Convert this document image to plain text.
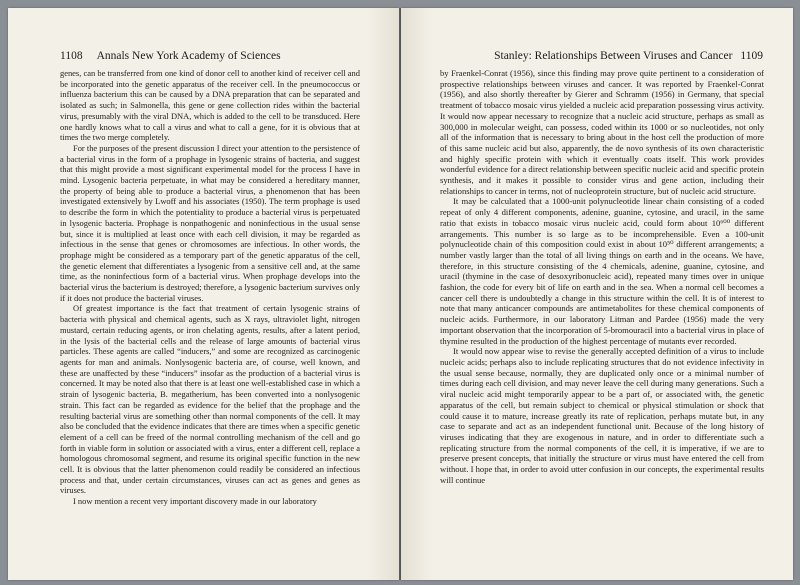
1108 Annals New York Academy of Sciences

genes, can be transferred from one kind of donor cell to another kind of receiver cell and be incorporated into the genetic apparatus of the receiver cell. In the pneumococcus or influenza bacterium this can be caused by a DNA preparation that can be separated and isolated as such; in Salmonella, this gene or gene collection rides within the bacterial virus, presumably with the viral DNA, which is added to the cell to be transduced. Here one hardly knows what to call a virus and what to call a gene, for it is obvious that at times the two merge completely.

For the purposes of the present discussion I direct your attention to the persistence of a bacterial virus in the form of a prophage in lysogenic strains of bacteria, and suggest that this might provide a most significant experimental model for the process I have in mind. Lysogenic bacteria perpetuate, in what may be considered a hereditary manner, the property of being able to produce a bacterial virus, a phenomenon that has been investigated extensively by Lwoff and his associates (1950). The term prophage is used to describe the form in which the potentiality to produce a bacterial virus is perpetuated in lysogenic bacteria. Prophage is nonpathogenic and noninfectious in the usual sense but, since it is multiplied at least once with each cell division, it may be regarded as infectious in the sense that genes or chromosomes are infectious. In other words, the prophage might be considered as a temporary part of the genetic apparatus of the cell, the genetic element that differentiates a lysogenic from a sensitive cell and, at the same time, as the noninfectious form of a bacterial virus. When prophage develops into the bacterial virus the bacterium is destroyed; therefore, a lysogenic bacterium survives only if it does not produce the bacterial viruses.

Of greatest importance is the fact that treatment of certain lysogenic strains of bacteria with physical and chemical agents, such as X rays, ultraviolet light, nitrogen mustard, certain reducing agents, or iron chelating agents, results, after a latent period, in the lysis of the bacterial cells and the release of large amounts of bacterial virus particles. These agents are called “inducers,” and some are recognized as carcinogenic agents for man and animals. Nonlysogenic bacteria are, of course, well known, and these are unaffected by these “inducers” insofar as the production of a bacterial virus is concerned. It may be noted also that there is at least one well-established case in which a strain of lysogenic bacteria, B. megatherium, has been converted into a nonlysogenic strain. This fact can be regarded as evidence for the belief that the prophage and the resulting bacterial virus are something other than normal components of the cell. It may also be concluded that the evidence indicates that there are times when a specific genetic element of a cell can be freed of the normal controlling mechanism of the cell and go forth in viable form in solution or associated with a virus, enter a different cell, replace a homologous chromosomal segment, and resume its original specific function in the new cell. It is obvious that the latter phenomenon could readily be considered an infectious process and that, under certain circumstances, viruses can act as genes and genes as viruses.

I now mention a recent very important discovery made in our laboratory

Stanley: Relationships Between Viruses and Cancer 1109

by Fraenkel-Conrat (1956), since this finding may prove quite pertinent to a consideration of prospective relationships between viruses and cancer. It was reported by Fraenkel-Conrat (1956), and also shortly thereafter by Gierer and Schramm (1956) in Germany, that special treatment of tobacco mosaic virus yielded a nucleic acid preparation possessing virus activity. It would now appear necessary to recognize that a nucleic acid structure, perhaps as small as 300,000 in molecular weight, can possess, coded within its 1000 or so nucleotides, not only all of the information that is necessary to bring about in the host cell the production of more of this same nucleic acid but also, apparently, the de novo synthesis of its own characteristic and highly specific protein with which it eventually coats itself. This work provides wonderful evidence for a direct relationship between specific nucleic acid and specific protein synthesis, and it makes it possible to consider virus and gene action, including their relationships to cancer in terms, not of nucleoprotein structure, but of nucleic acid structure.

It may be calculated that a 1000-unit polynucleotide linear chain consisting of a coded repeat of only 4 different components, adenine, guanine, cytosine, and uracil, in the same ratio that exists in tobacco mosaic virus nucleic acid, could form about 10⁶⁰⁰ different arrangements. This number is so large as to be incomprehensible. Even a 100-unit polynucleotide chain of this composition could exist in about 10⁵⁰ different arrangements; a number vastly larger than the total of all living things on earth and in the oceans. We have, therefore, in this structure consisting of the 4 chemicals, adenine, guanine, cytosine, and uracil (thymine in the case of desoxyribonucleic acid), repeated many times over in unique fashion, the code for every bit of life on earth and in the sea. When a normal cell becomes a cancer cell there is undoubtedly a change in this structure within the cell. It is of interest to note that many anticancer compounds are antimetabolites for these chemical components of nucleic acids. Furthermore, in our laboratory Litman and Pardee (1956) made the very important observation that the incorporation of 5-bromouracil into a bacterial virus in place of thymine resulted in the production of the highest percentage of mutants ever recorded.

It would now appear wise to revise the generally accepted definition of a virus to include nucleic acids; perhaps also to include replicating structures that do not evidence infectivity in the usual sense because, normally, they are duplicated only once or a minimal number of times during each cell division, and may never leave the cell during many generations. Such a viral nucleic acid might temporarily appear to be a part of, or associated with, the genetic apparatus of the cell, but remain subject to chemical or physical stimulation or shock that could cause it to mature, increase greatly its rate of replication, perhaps mutate but, in any case to separate and act as an independent functional unit. Because of the long history of viruses indicating that they are exogenous in nature, and in order to differentiate such a replicating structure from the normal components of the cell, it is imperative, if we are to preserve present concepts, that initially the structure or virus must have entered the cell from without. I hope that, in order to avoid utter confusion in our concepts, the experimental results will continue
